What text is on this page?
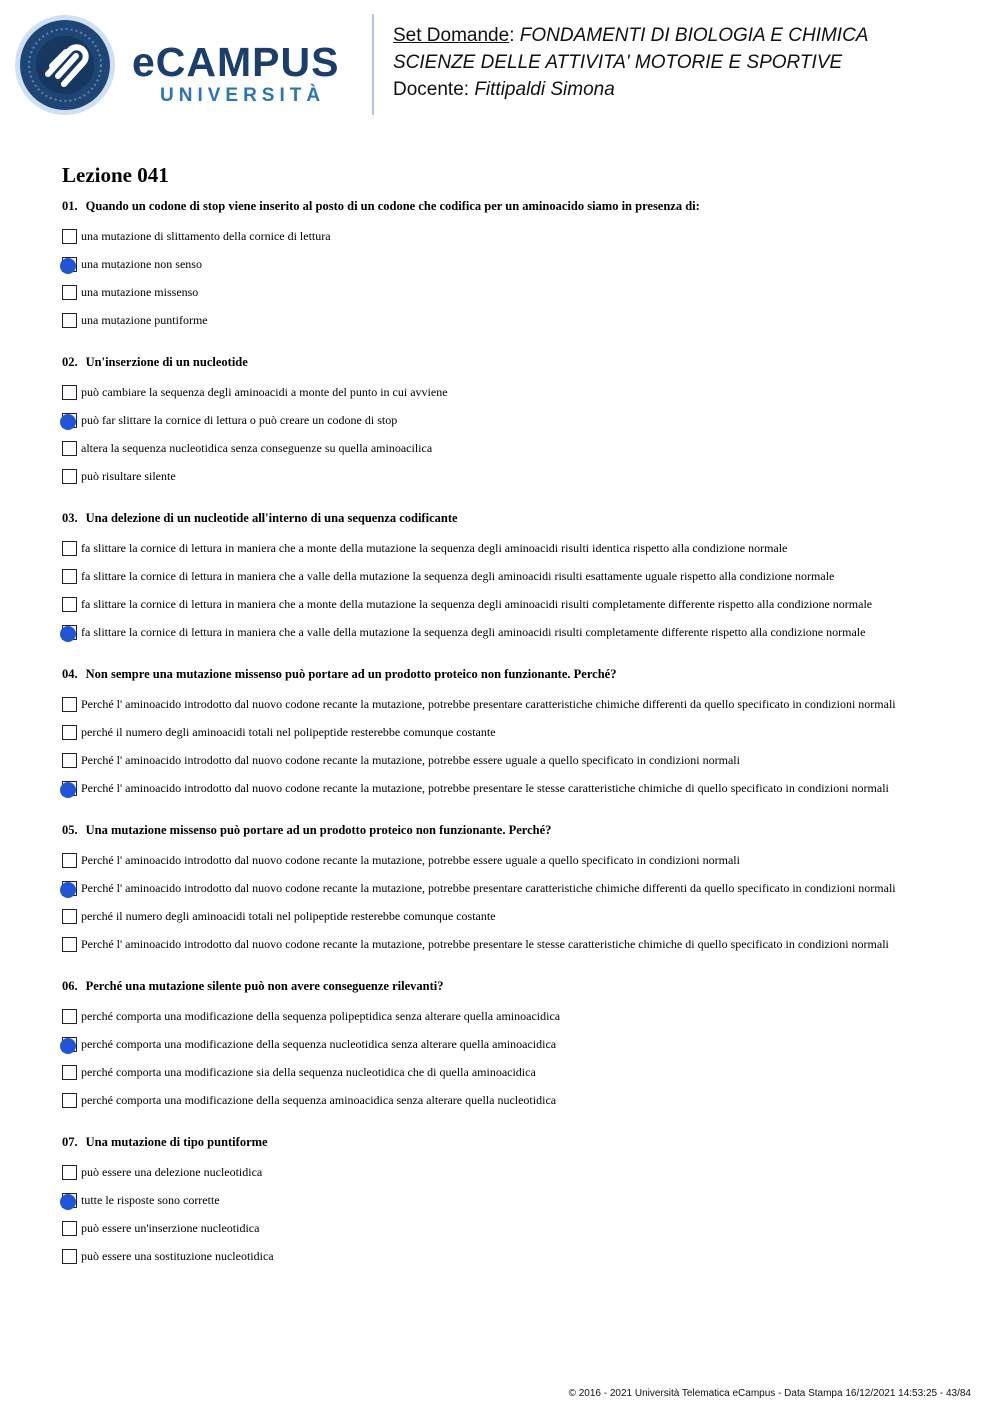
eCAMPUS
UNIVERSITÀ
Set Domande: FONDAMENTI DI BIOLOGIA E CHIMICA
SCIENZE DELLE ATTIVITA' MOTORIE E SPORTIVE
Docente: Fittipaldi Simona
Lezione 041
01. Quando un codone di stop viene inserito al posto di un codone che codifica per un aminoacido siamo in presenza di:
una mutazione di slittamento della cornice di lettura
una mutazione non senso
una mutazione missenso
una mutazione puntiforme
02. Un'inserzione di un nucleotide
può cambiare la sequenza degli aminoacidi a monte del punto in cui avviene
può far slittare la cornice di lettura o può creare un codone di stop
altera la sequenza nucleotidica senza conseguenze su quella aminoacilica
può risultare silente
03. Una delezione di un nucleotide all'interno di una sequenza codificante
fa slittare la cornice di lettura in maniera che a monte della mutazione la sequenza degli aminoacidi risulti identica rispetto alla condizione normale
fa slittare la cornice di lettura in maniera che a valle della mutazione la sequenza degli aminoacidi risulti esattamente uguale rispetto alla condizione normale
fa slittare la cornice di lettura in maniera che a monte della mutazione la sequenza degli aminoacidi risulti completamente differente rispetto alla condizione normale
fa slittare la cornice di lettura in maniera che a valle della mutazione la sequenza degli aminoacidi risulti completamente differente rispetto alla condizione normale
04. Non sempre una mutazione missenso può portare ad un prodotto proteico non funzionante. Perché?
Perché l' aminoacido introdotto dal nuovo codone recante la mutazione, potrebbe presentare caratteristiche chimiche differenti da quello specificato in condizioni normali
perché il numero degli aminoacidi totali nel polipeptide resterebbe comunque costante
Perché l' aminoacido introdotto dal nuovo codone recante la mutazione, potrebbe essere uguale a quello specificato in condizioni normali
Perché l' aminoacido introdotto dal nuovo codone recante la mutazione, potrebbe presentare le stesse caratteristiche chimiche di quello specificato in condizioni normali
05. Una mutazione missenso può portare ad un prodotto proteico non funzionante. Perché?
Perché l' aminoacido introdotto dal nuovo codone recante la mutazione, potrebbe essere uguale a quello specificato in condizioni normali
Perché l' aminoacido introdotto dal nuovo codone recante la mutazione, potrebbe presentare caratteristiche chimiche differenti da quello specificato in condizioni normali
perché il numero degli aminoacidi totali nel polipeptide resterebbe comunque costante
Perché l' aminoacido introdotto dal nuovo codone recante la mutazione, potrebbe presentare le stesse caratteristiche chimiche di quello specificato in condizioni normali
06. Perché una mutazione silente può non avere conseguenze rilevanti?
perché comporta una modificazione della sequenza polipeptidica senza alterare quella aminoacidica
perché comporta una modificazione della sequenza nucleotidica senza alterare quella aminoacidica
perché comporta una modificazione sia della sequenza nucleotidica che di quella aminoacidica
perché comporta una modificazione della sequenza aminoacidica senza alterare quella nucleotidica
07. Una mutazione di tipo puntiforme
può essere una delezione nucleotidica
tutte le risposte sono corrette
può essere un'inserzione nucleotidica
può essere una sostituzione nucleotidica
© 2016 - 2021 Università Telematica eCampus - Data Stampa 16/12/2021 14:53:25 - 43/84
